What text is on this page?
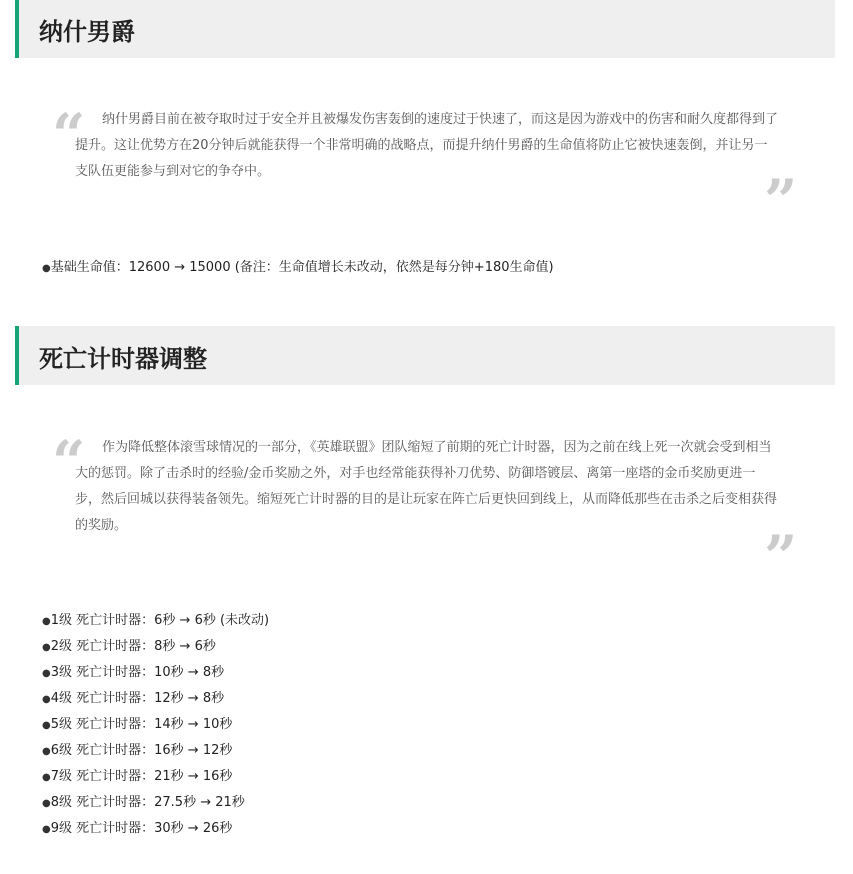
纳什男爵
“	纳什男爵目前在被夺取时过于安全并且被爆发伤害轰倒的速度过于快速了，而这是因为游戏中的伤害和耐久度都得到了提升。这让优势方在20分钟后就能获得一个非常明确的战略点，而提升纳什男爵的生命值将防止它被快速轰倒，并让另一支队伍更能参与到对它的争夺中。	”
● 基础生命值：12600 → 15000 (备注：生命值增长未改动，依然是每分钟+180生命值)
死亡计时器调整
“	作为降低整体滚雪球情况的一部分，《英雄联盟》团队缩短了前期的死亡计时器，因为之前在线上死一次就会受到相当大的惩罚。除了击杀时的经验/金币奖励之外，对手也经常能获得补刀优势、防御塔镀层、离第一座塔的金币奖励更进一步，然后回城以获得装备领先。缩短死亡计时器的目的是让玩家在阵亡后更快回到线上，从而降低那些在击杀之后变相获得的奖励。	”
● 1级 死亡计时器：6秒 → 6秒 (未改动)
● 2级 死亡计时器：8秒 → 6秒
● 3级 死亡计时器：10秒 → 8秒
● 4级 死亡计时器：12秒 → 8秒
● 5级 死亡计时器：14秒 → 10秒
● 6级 死亡计时器：16秒 → 12秒
● 7级 死亡计时器：21秒 → 16秒
● 8级 死亡计时器：27.5秒 → 21秒
● 9级 死亡计时器：30秒 → 26秒
